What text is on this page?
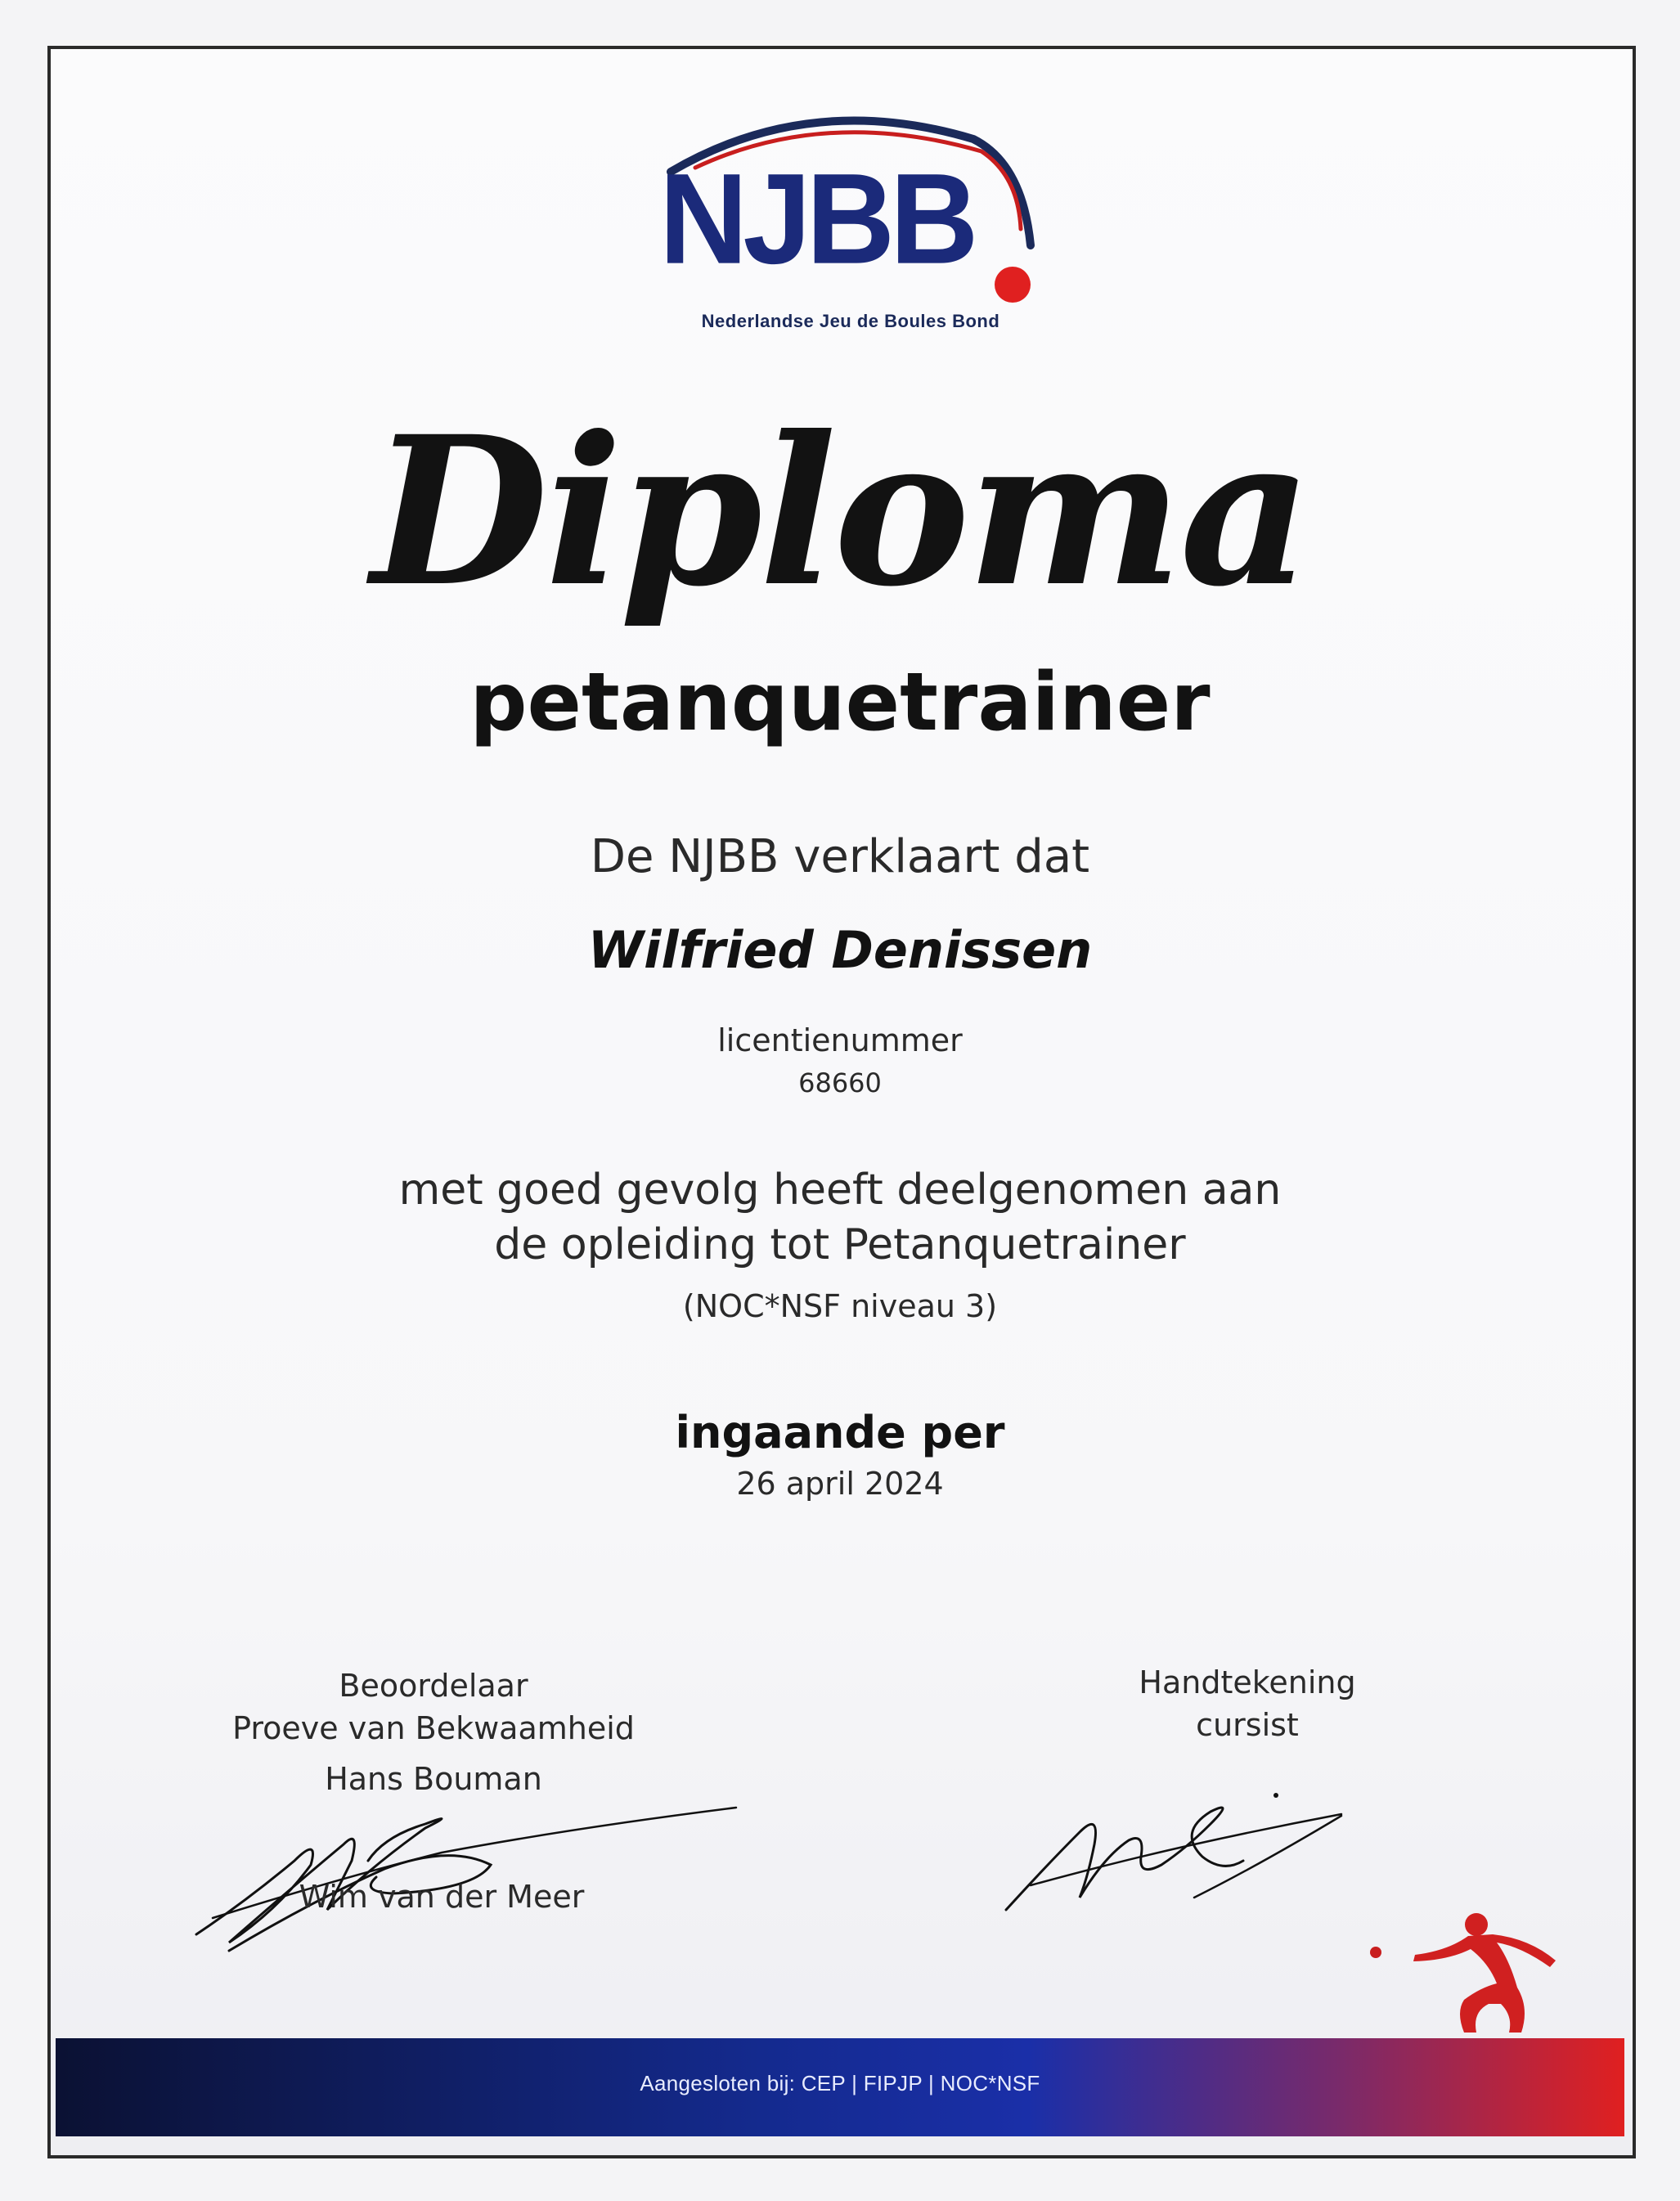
NJBB
Nederlandse Jeu de Boules Bond
Diploma
petanquetrainer
De NJBB verklaart dat
Wilfried Denissen
licentienummer
68660
met goed gevolg heeft deelgenomen aan
de opleiding tot Petanquetrainer
(NOC*NSF niveau 3)
ingaande per
26 april 2024
Beoordelaar
Proeve van Bekwaamheid
Hans Bouman
Wim van der Meer
Handtekening
cursist
Aangesloten bij: CEP | FIPJP | NOC*NSF
